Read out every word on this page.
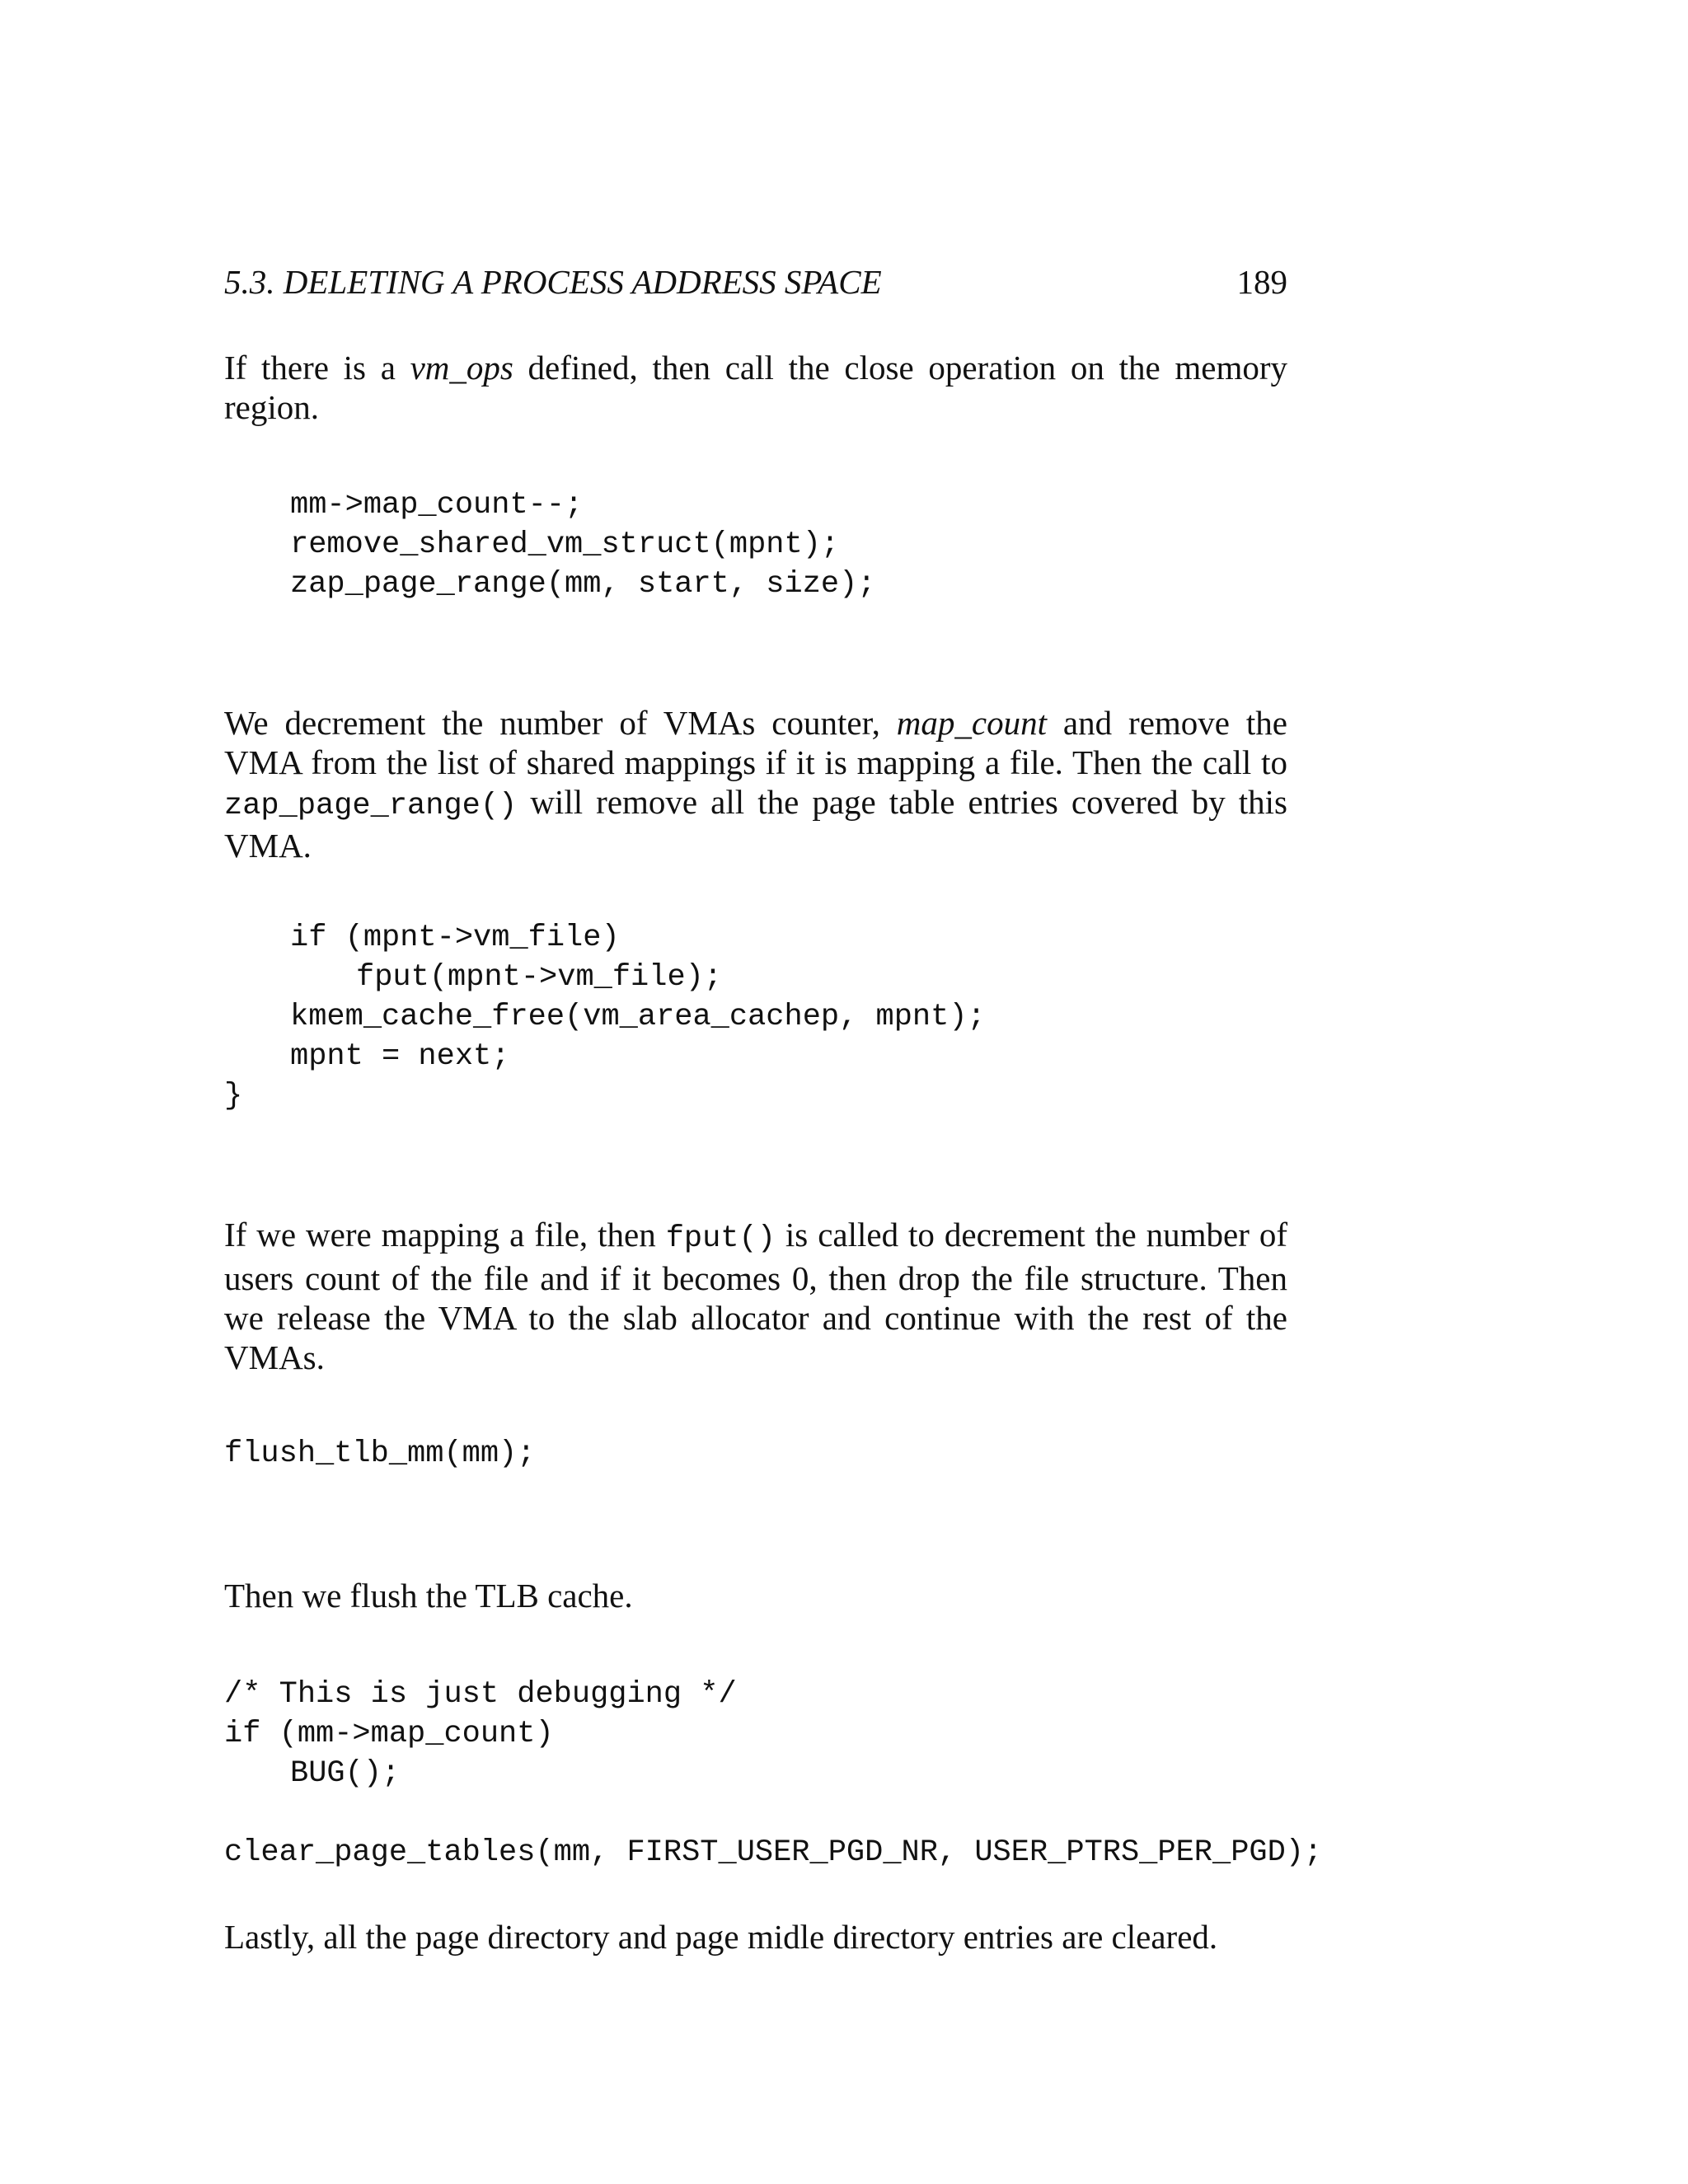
5.3. DELETING A PROCESS ADDRESS SPACE	189

If there is a vm_ops defined, then call the close operation on the memory region.

mm->map_count--;
remove_shared_vm_struct(mpnt);
zap_page_range(mm, start, size);

We decrement the number of VMAs counter, map_count and remove the VMA from the list of shared mappings if it is mapping a file. Then the call to zap_page_range() will remove all the page table entries covered by this VMA.

if (mpnt->vm_file)
fput(mpnt->vm_file);
kmem_cache_free(vm_area_cachep, mpnt);
mpnt = next;
}

If we were mapping a file, then fput() is called to decrement the number of users count of the file and if it becomes 0, then drop the file structure. Then we release the VMA to the slab allocator and continue with the rest of the VMAs.

flush_tlb_mm(mm);

Then we flush the TLB cache.

/* This is just debugging */
if (mm->map_count)
BUG();
clear_page_tables(mm, FIRST_USER_PGD_NR, USER_PTRS_PER_PGD);

Lastly, all the page directory and page midle directory entries are cleared.
